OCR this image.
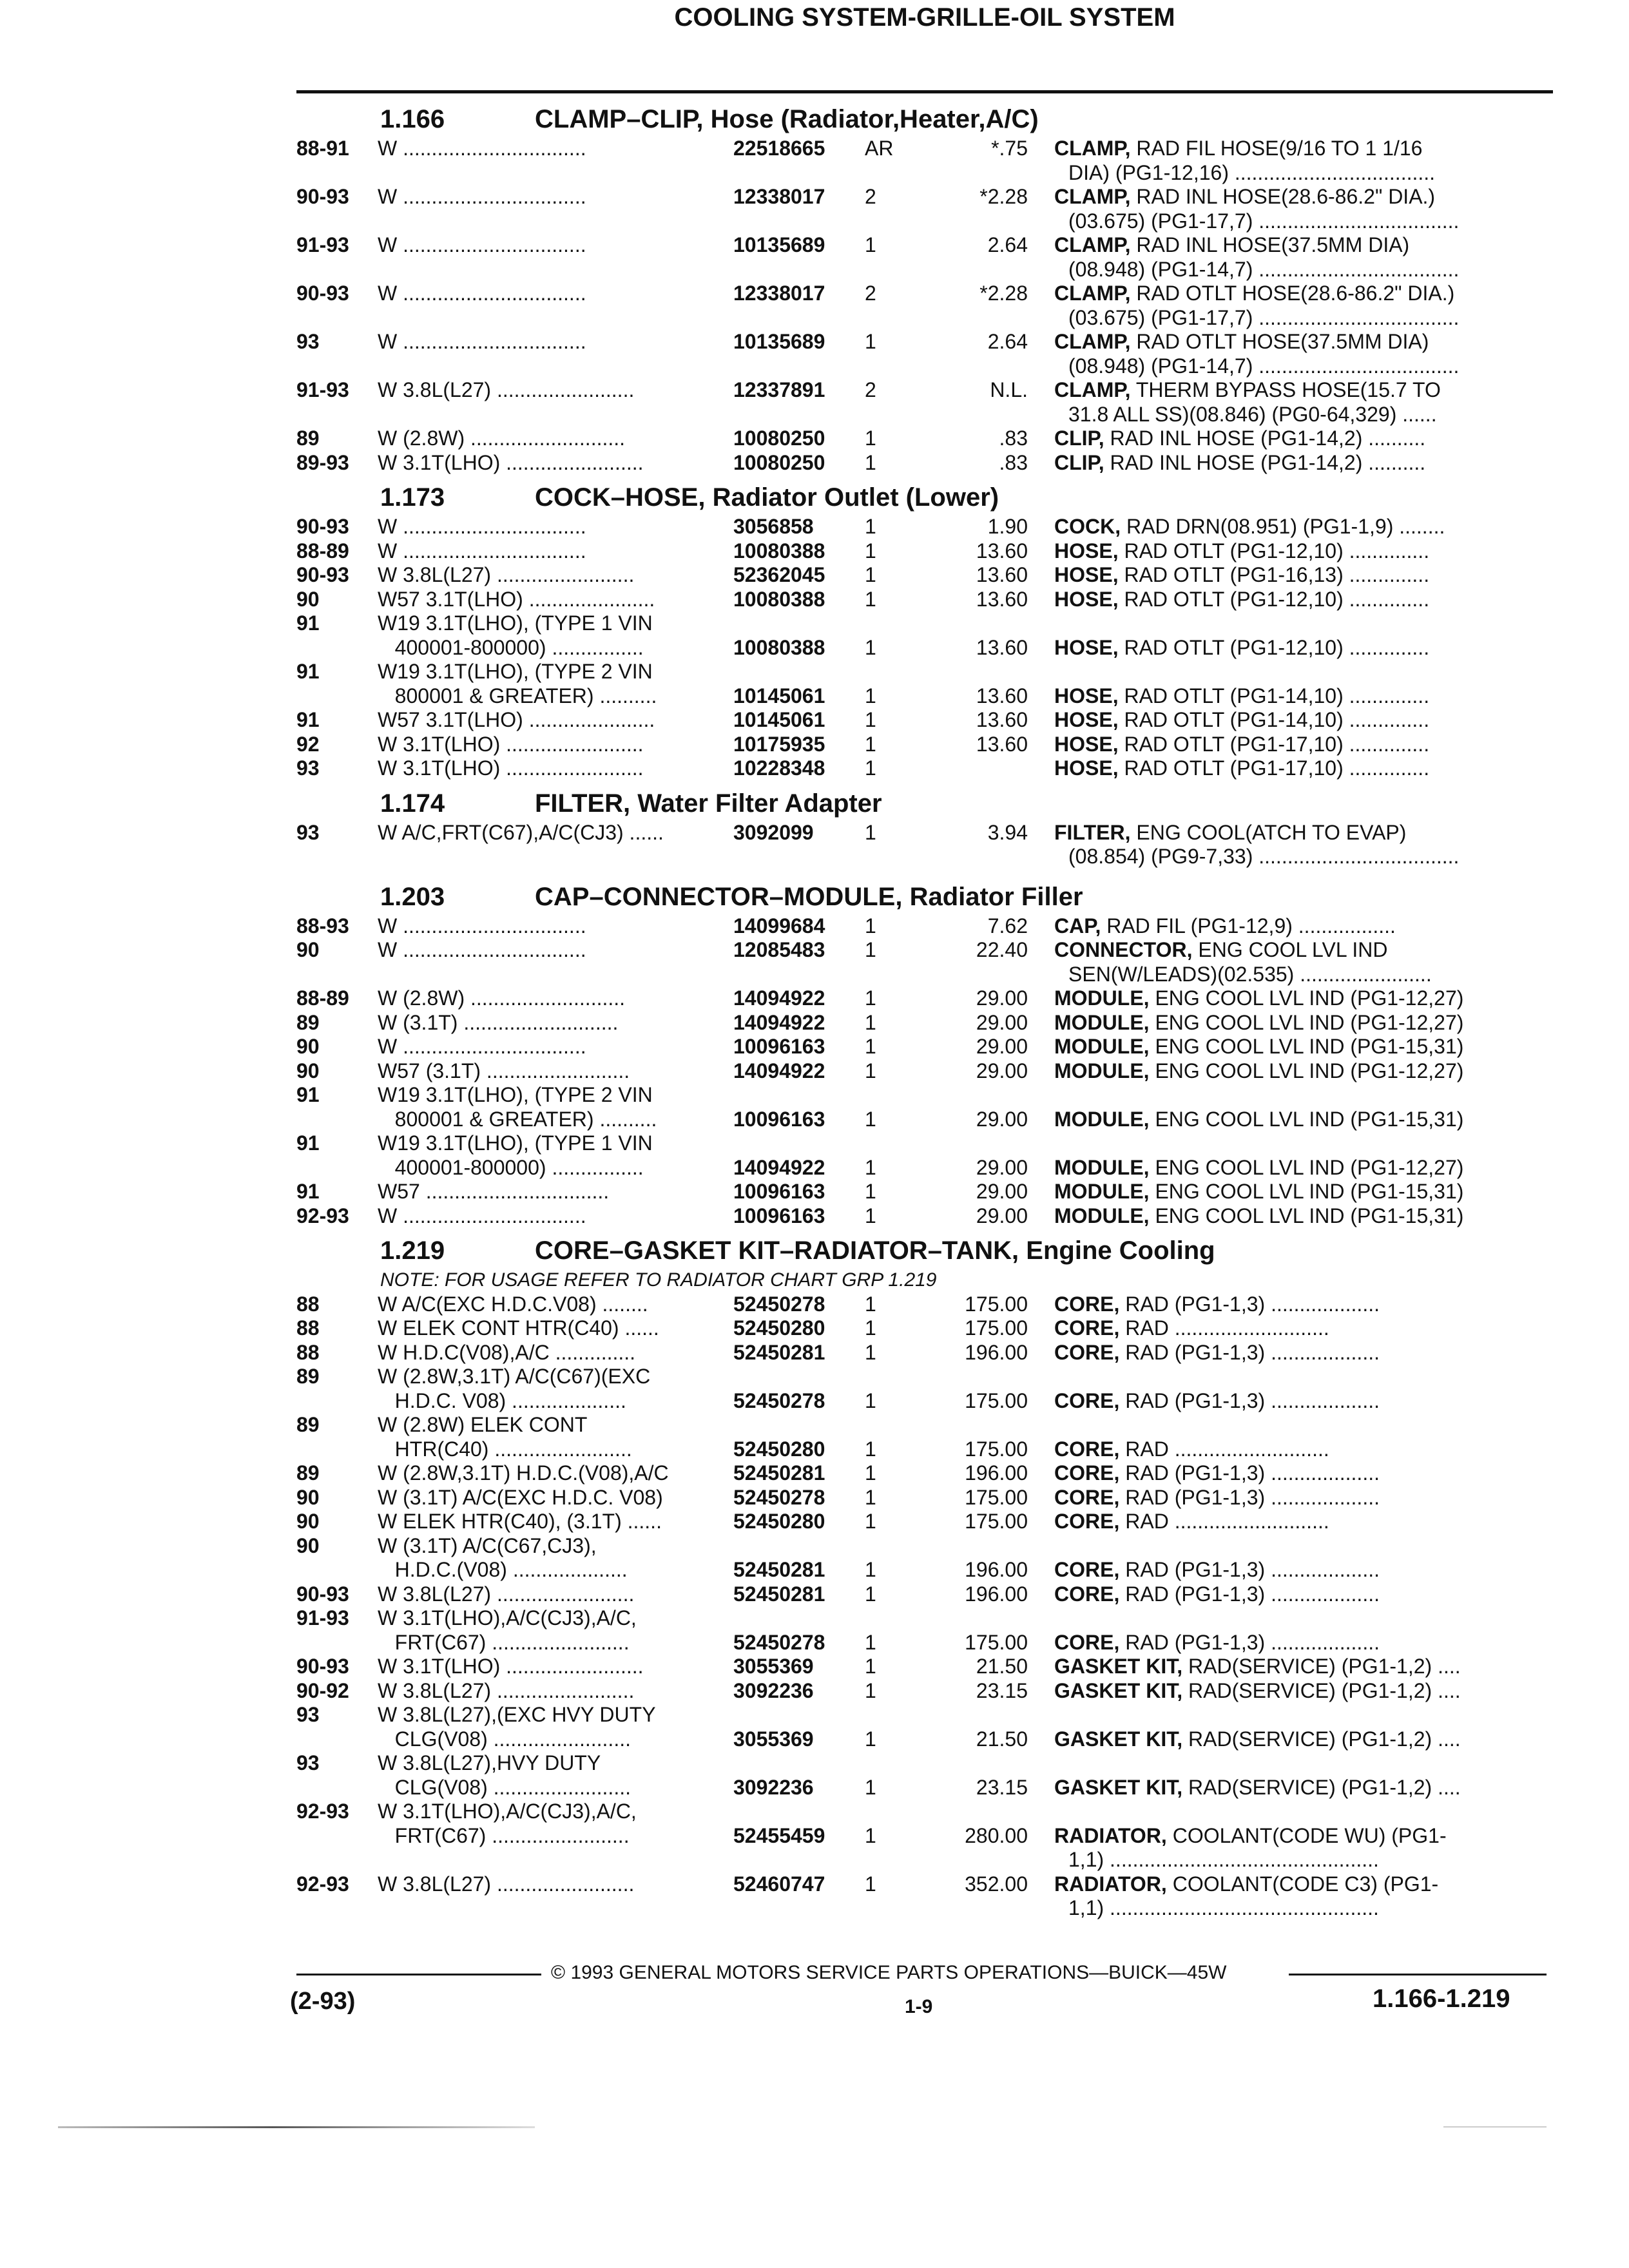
COOLING SYSTEM-GRILLE-OIL SYSTEM
1.166	CLAMP–CLIP, Hose (Radiator,Heater,A/C)
88-91 W ................................	22518665 AR	*.75 CLAMP, RAD FIL HOSE(9/16 TO 1 1/16
DIA) (PG1-12,16) ...................................
90-93 W ................................	12338017 2	*2.28 CLAMP, RAD INL HOSE(28.6-86.2" DIA.)
(03.675) (PG1-17,7) ...................................
91-93 W ................................	10135689 1	2.64 CLAMP, RAD INL HOSE(37.5MM DIA)
(08.948) (PG1-14,7) ...................................
90-93 W ................................	12338017 2	*2.28 CLAMP, RAD OTLT HOSE(28.6-86.2" DIA.)
(03.675) (PG1-17,7) ...................................
93	W ................................	10135689 1	2.64 CLAMP, RAD OTLT HOSE(37.5MM DIA)
(08.948) (PG1-14,7) ...................................
91-93 W 3.8L(L27) ........................	12337891 2	N.L. CLAMP, THERM BYPASS HOSE(15.7 TO
31.8 ALL SS)(08.846) (PG0-64,329) ......
89	W (2.8W) ...........................	10080250 1	.83 CLIP, RAD INL HOSE (PG1-14,2) ..........
89-93 W 3.1T(LHO) ........................	10080250 1	.83 CLIP, RAD INL HOSE (PG1-14,2) ..........
1.173	COCK–HOSE, Radiator Outlet (Lower)
90-93 W ................................	3056858 1	1.90 COCK, RAD DRN(08.951) (PG1-1,9) ........
88-89 W ................................	10080388 1	13.60 HOSE, RAD OTLT (PG1-12,10) ..............
90-93 W 3.8L(L27) ........................	52362045 1	13.60 HOSE, RAD OTLT (PG1-16,13) ..............
90	W57 3.1T(LHO) ......................	10080388 1	13.60 HOSE, RAD OTLT (PG1-12,10) ..............
91	W19 3.1T(LHO), (TYPE 1 VIN
400001-800000) ................	10080388 1	13.60 HOSE, RAD OTLT (PG1-12,10) ..............
91	W19 3.1T(LHO), (TYPE 2 VIN
800001 & GREATER) ..........	10145061 1	13.60 HOSE, RAD OTLT (PG1-14,10) ..............
91	W57 3.1T(LHO) ......................	10145061 1	13.60 HOSE, RAD OTLT (PG1-14,10) ..............
92	W 3.1T(LHO) ........................	10175935 1	13.60 HOSE, RAD OTLT (PG1-17,10) ..............
93	W 3.1T(LHO) ........................	10228348 1	HOSE, RAD OTLT (PG1-17,10) ..............
1.174	FILTER, Water Filter Adapter
93	W A/C,FRT(C67),A/C(CJ3) ......	3092099 1	3.94 FILTER, ENG COOL(ATCH TO EVAP)
(08.854) (PG9-7,33) ...................................
1.203	CAP–CONNECTOR–MODULE, Radiator Filler
88-93 W ................................	14099684 1	7.62 CAP, RAD FIL (PG1-12,9) .................
90	W ................................	12085483 1	22.40 CONNECTOR, ENG COOL LVL IND
SEN(W/LEADS)(02.535) .......................
88-89 W (2.8W) ...........................	14094922 1	29.00 MODULE, ENG COOL LVL IND (PG1-12,27)
89	W (3.1T) ...........................	14094922 1	29.00 MODULE, ENG COOL LVL IND (PG1-12,27)
90	W ................................	10096163 1	29.00 MODULE, ENG COOL LVL IND (PG1-15,31)
90	W57 (3.1T) .........................	14094922 1	29.00 MODULE, ENG COOL LVL IND (PG1-12,27)
91	W19 3.1T(LHO), (TYPE 2 VIN
800001 & GREATER) ..........	10096163 1	29.00 MODULE, ENG COOL LVL IND (PG1-15,31)
91	W19 3.1T(LHO), (TYPE 1 VIN
400001-800000) ................	14094922 1	29.00 MODULE, ENG COOL LVL IND (PG1-12,27)
91	W57 ................................	10096163 1	29.00 MODULE, ENG COOL LVL IND (PG1-15,31)
92-93 W ................................	10096163 1	29.00 MODULE, ENG COOL LVL IND (PG1-15,31)
1.219	CORE–GASKET KIT–RADIATOR–TANK, Engine Cooling
NOTE: FOR USAGE REFER TO RADIATOR CHART GRP 1.219
88	W A/C(EXC H.D.C.V08) ........	52450278 1	175.00 CORE, RAD (PG1-1,3) ...................
88	W ELEK CONT HTR(C40) ......	52450280 1	175.00 CORE, RAD ...........................
88	W H.D.C(V08),A/C ..............	52450281 1	196.00 CORE, RAD (PG1-1,3) ...................
89	W (2.8W,3.1T) A/C(C67)(EXC
H.D.C. V08) ....................	52450278 1	175.00 CORE, RAD (PG1-1,3) ...................
89	W (2.8W) ELEK CONT
HTR(C40) ........................	52450280 1	175.00 CORE, RAD ...........................
89	W (2.8W,3.1T) H.D.C.(V08),A/C	52450281 1	196.00 CORE, RAD (PG1-1,3) ...................
90	W (3.1T) A/C(EXC H.D.C. V08)	52450278 1	175.00 CORE, RAD (PG1-1,3) ...................
90	W ELEK HTR(C40), (3.1T) ......	52450280 1	175.00 CORE, RAD ...........................
90	W (3.1T) A/C(C67,CJ3),
H.D.C.(V08) ....................	52450281 1	196.00 CORE, RAD (PG1-1,3) ...................
90-93 W 3.8L(L27) ........................	52450281 1	196.00 CORE, RAD (PG1-1,3) ...................
91-93 W 3.1T(LHO),A/C(CJ3),A/C,
FRT(C67) ........................	52450278 1	175.00 CORE, RAD (PG1-1,3) ...................
90-93 W 3.1T(LHO) ........................	3055369 1	21.50 GASKET KIT, RAD(SERVICE) (PG1-1,2) ....
90-92 W 3.8L(L27) ........................	3092236 1	23.15 GASKET KIT, RAD(SERVICE) (PG1-1,2) ....
93	W 3.8L(L27),(EXC HVY DUTY
CLG(V08) ........................	3055369 1	21.50 GASKET KIT, RAD(SERVICE) (PG1-1,2) ....
93	W 3.8L(L27),HVY DUTY
CLG(V08) ........................	3092236 1	23.15 GASKET KIT, RAD(SERVICE) (PG1-1,2) ....
92-93 W 3.1T(LHO),A/C(CJ3),A/C,
FRT(C67) ........................	52455459 1	280.00 RADIATOR, COOLANT(CODE WU) (PG1-
1,1) ...............................................
92-93 W 3.8L(L27) ........................	52460747 1	352.00 RADIATOR, COOLANT(CODE C3) (PG1-
1,1) ...............................................
© 1993 GENERAL MOTORS SERVICE PARTS OPERATIONS—BUICK—45W
(2-93)	1-9	1.166-1.219
